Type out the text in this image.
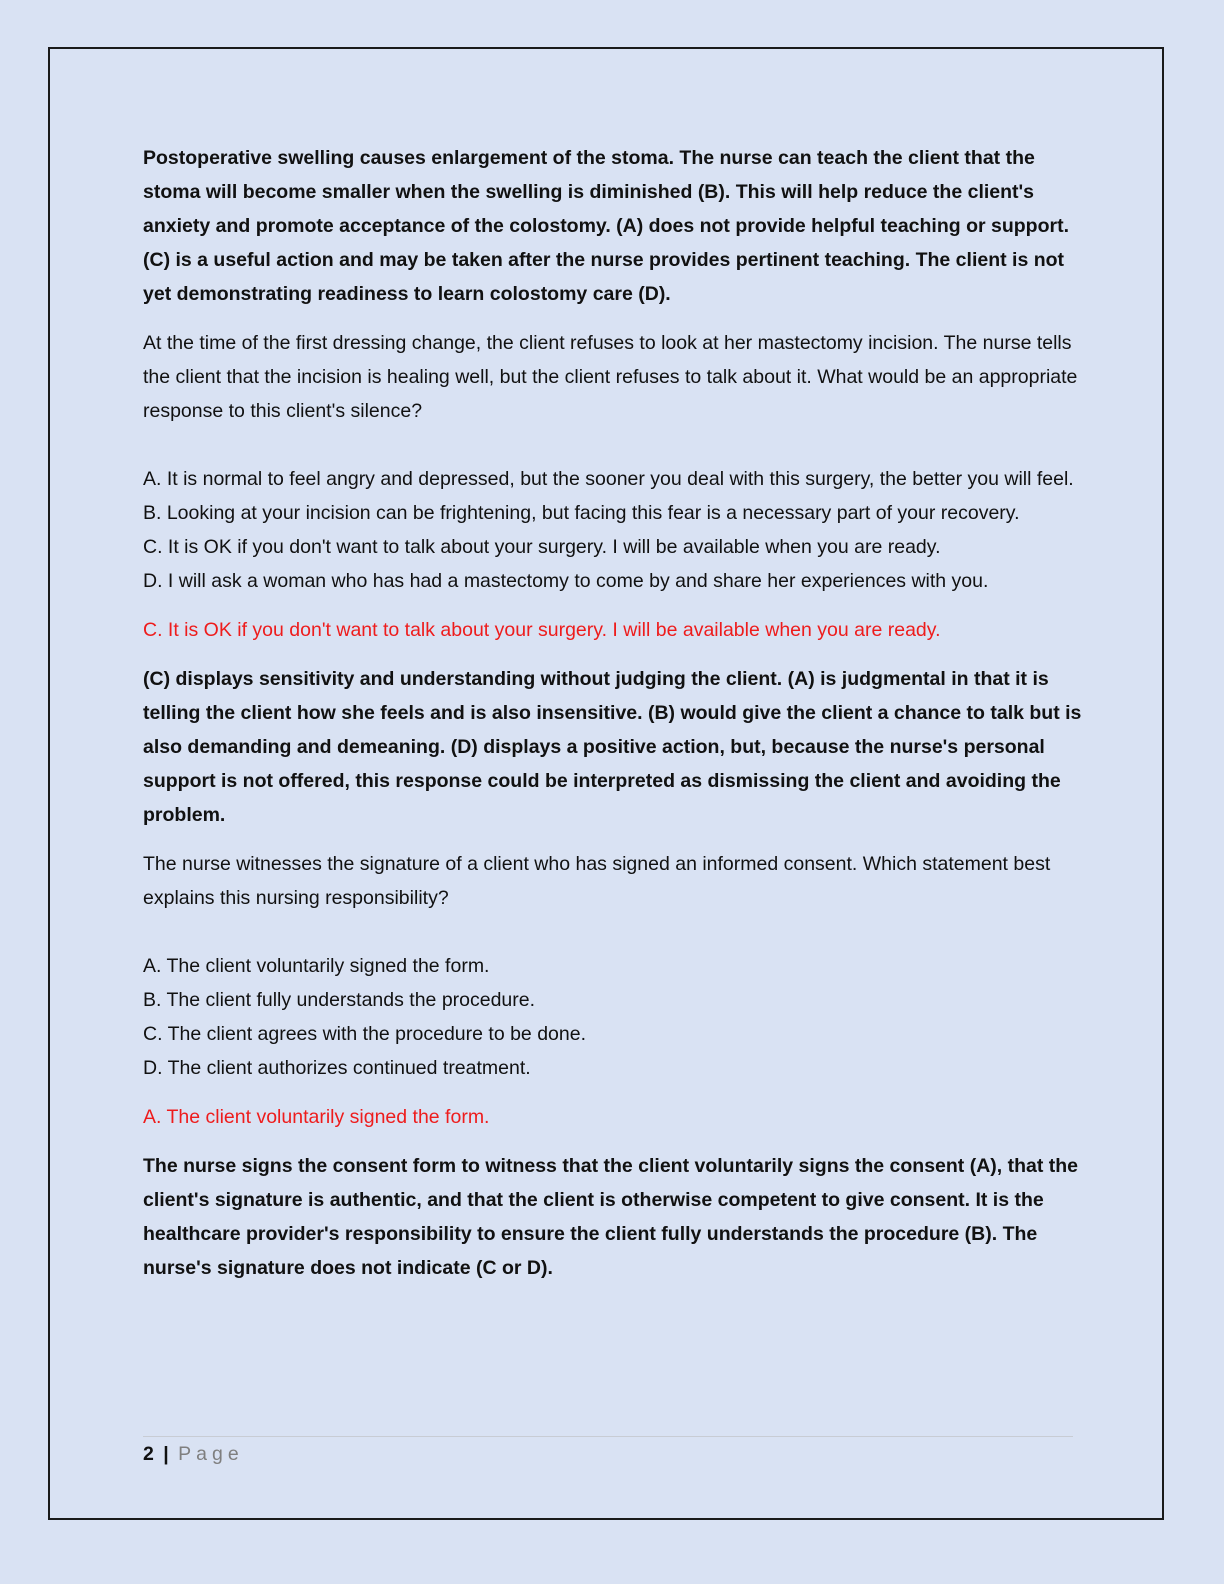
Postoperative swelling causes enlargement of the stoma. The nurse can teach the client that the stoma will become smaller when the swelling is diminished (B). This will help reduce the client's anxiety and promote acceptance of the colostomy. (A) does not provide helpful teaching or support. (C) is a useful action and may be taken after the nurse provides pertinent teaching. The client is not yet demonstrating readiness to learn colostomy care (D).

At the time of the first dressing change, the client refuses to look at her mastectomy incision. The nurse tells the client that the incision is healing well, but the client refuses to talk about it. What would be an appropriate response to this client's silence?

A. It is normal to feel angry and depressed, but the sooner you deal with this surgery, the better you will feel.

B. Looking at your incision can be frightening, but facing this fear is a necessary part of your recovery.

C. It is OK if you don't want to talk about your surgery. I will be available when you are ready.

D. I will ask a woman who has had a mastectomy to come by and share her experiences with you.

C. It is OK if you don't want to talk about your surgery. I will be available when you are ready.

(C) displays sensitivity and understanding without judging the client. (A) is judgmental in that it is telling the client how she feels and is also insensitive. (B) would give the client a chance to talk but is also demanding and demeaning. (D) displays a positive action, but, because the nurse's personal support is not offered, this response could be interpreted as dismissing the client and avoiding the problem.

The nurse witnesses the signature of a client who has signed an informed consent. Which statement best explains this nursing responsibility?

A. The client voluntarily signed the form.

B. The client fully understands the procedure.

C. The client agrees with the procedure to be done.

D. The client authorizes continued treatment.

A. The client voluntarily signed the form.

The nurse signs the consent form to witness that the client voluntarily signs the consent (A), that the client's signature is authentic, and that the client is otherwise competent to give consent. It is the healthcare provider's responsibility to ensure the client fully understands the procedure (B). The nurse's signature does not indicate (C or D).

2 | Page
